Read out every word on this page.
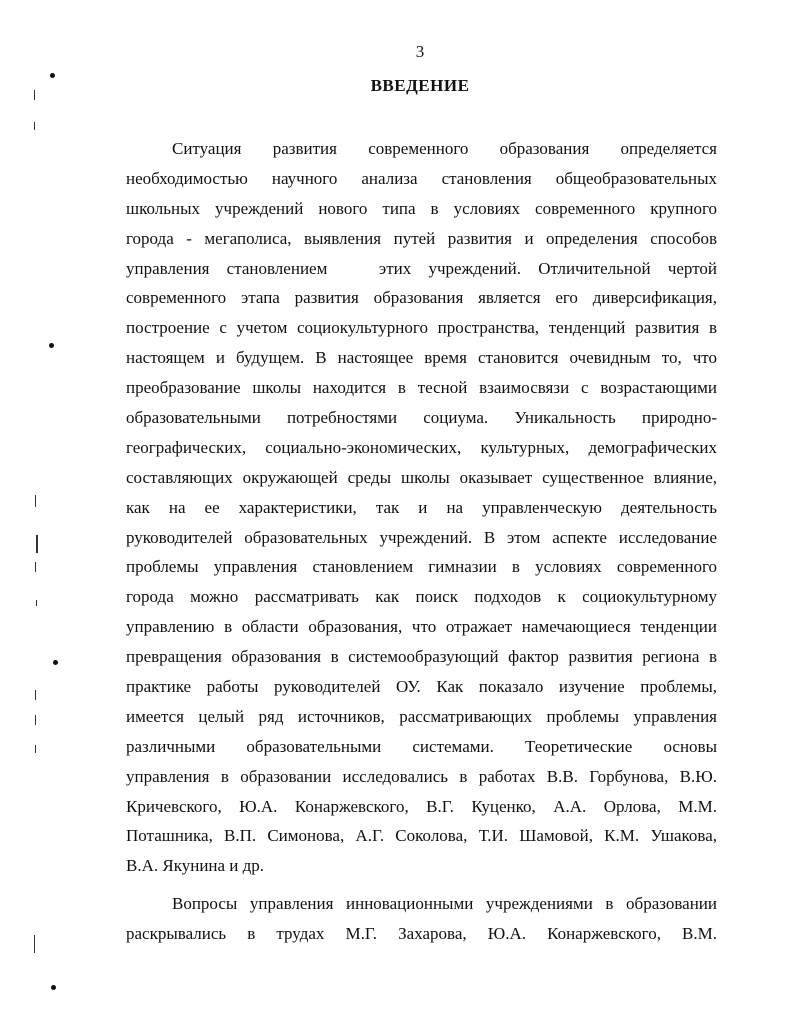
3
ВВЕДЕНИЕ
Ситуация развития современного образования определяется
необходимостью научного анализа становления общеобразовательных
школьных учреждений нового типа в условиях современного крупного
города - мегаполиса, выявления путей развития и определения способов
управления становлением   этих учреждений. Отличительной чертой
современного этапа развития образования является его диверсификация,
построение с учетом социокультурного пространства, тенденций развития в
настоящем и будущем. В настоящее время становится очевидным то, что
преобразование школы находится в тесной взаимосвязи с возрастающими
образовательными потребностями социума. Уникальность природно-
географических, социально-экономических, культурных, демографических
составляющих окружающей среды школы оказывает существенное влияние,
как на ее характеристики, так и на управленческую деятельность
руководителей образовательных учреждений. В этом аспекте исследование
проблемы управления становлением гимназии в условиях современного
города можно рассматривать как поиск подходов к социокультурному
управлению в области образования, что отражает намечающиеся тенденции
превращения образования в системообразующий фактор развития региона в
практике работы руководителей ОУ. Как показало изучение проблемы,
имеется целый ряд источников, рассматривающих проблемы управления
различными образовательными системами. Теоретические основы
управления в образовании исследовались в работах В.В. Горбунова, В.Ю.
Кричевского, Ю.А. Конаржевского, В.Г. Куценко, А.А. Орлова, М.М.
Поташника, В.П. Симонова, А.Г. Соколова, Т.И. Шамовой, К.М. Ушакова,
В.А. Якунина и др.
Вопросы управления инновационными учреждениями в образовании
раскрывались в трудах М.Г. Захарова, Ю.А. Конаржевского, В.М.
